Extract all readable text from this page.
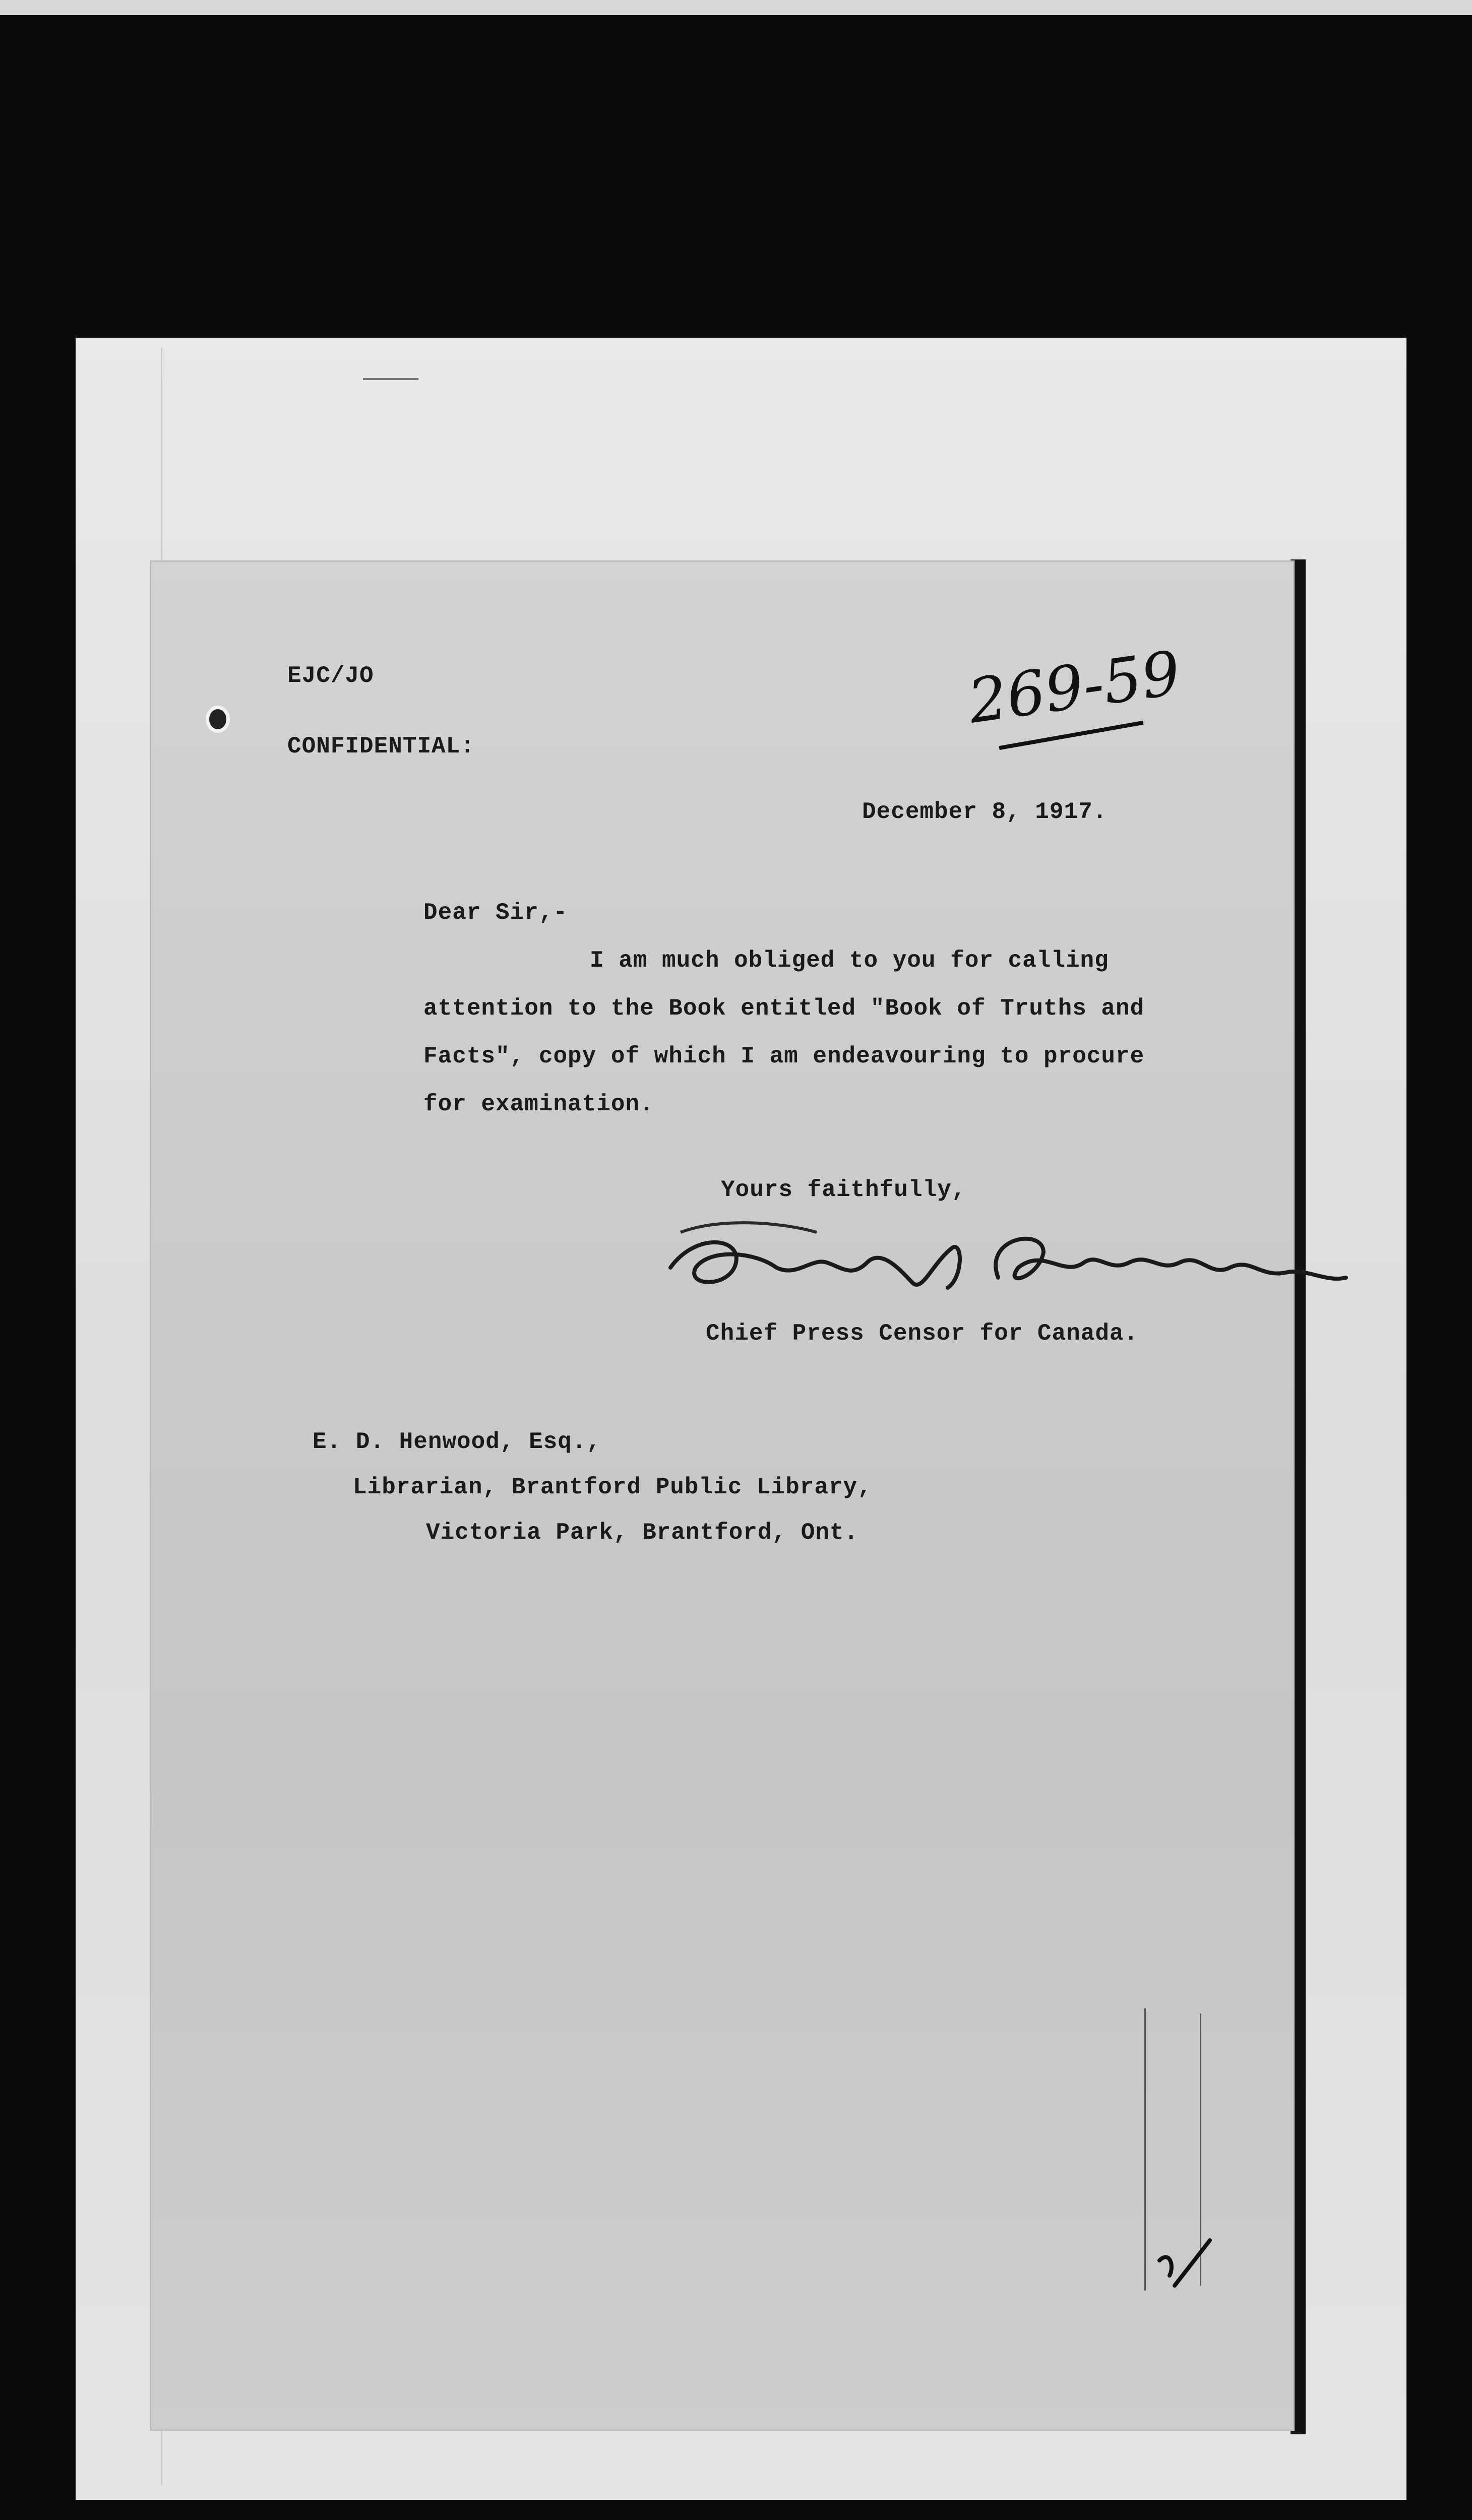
EJC/JO	269-59
CONFIDENTIAL:
December 8, 1917.
Dear Sir,-
I am much obliged to you for calling
attention to the Book entitled "Book of Truths and
Facts", copy of which I am endeavouring to procure
for examination.
Yours faithfully,
Chief Press Censor for Canada.
E. D. Henwood, Esq.,
Librarian, Brantford Public Library,
Victoria Park, Brantford, Ont.
